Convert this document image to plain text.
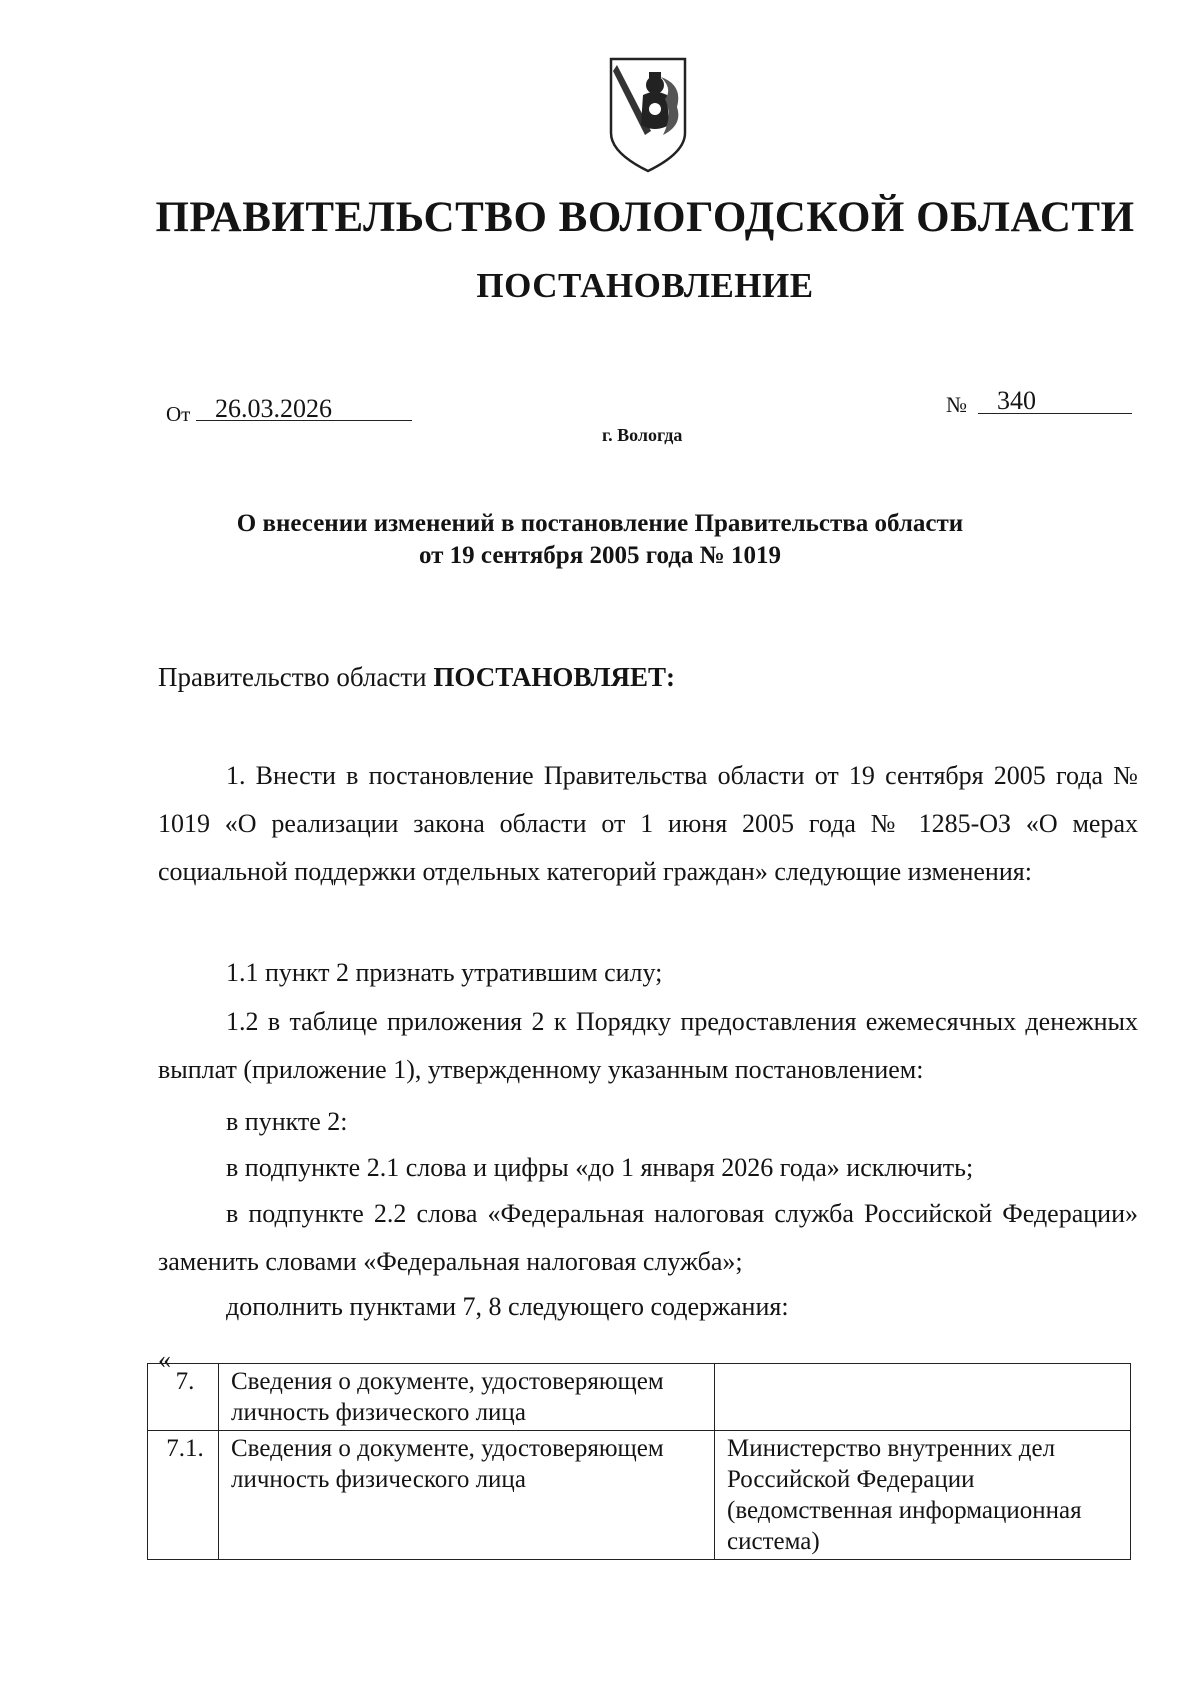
ПРАВИТЕЛЬСТВО ВОЛОГОДСКОЙ ОБЛАСТИ
ПОСТАНОВЛЕНИЕ
От 26.03.2026	№ 340
г. Вологда
О внесении изменений в постановление Правительства области
от 19 сентября 2005 года № 1019
Правительство области ПОСТАНОВЛЯЕТ:
1. Внести в постановление Правительства области от 19 сентября 2005 года № 1019 «О реализации закона области от 1 июня 2005 года № 1285-ОЗ «О мерах социальной поддержки отдельных категорий граждан» следующие изменения:
1.1 пункт 2 признать утратившим силу;
1.2 в таблице приложения 2 к Порядку предоставления ежемесячных денежных выплат (приложение 1), утвержденному указанным постановлением:
в пункте 2:
в подпункте 2.1 слова и цифры «до 1 января 2026 года» исключить;
в подпункте 2.2 слова «Федеральная налоговая служба Российской Федерации» заменить словами «Федеральная налоговая служба»;
дополнить пунктами 7, 8 следующего содержания:
«
7.	Сведения о документе, удостоверяющем личность физического лица	
7.1.	Сведения о документе, удостоверяющем личность физического лица	Министерство внутренних дел Российской Федерации (ведомственная информационная система)
